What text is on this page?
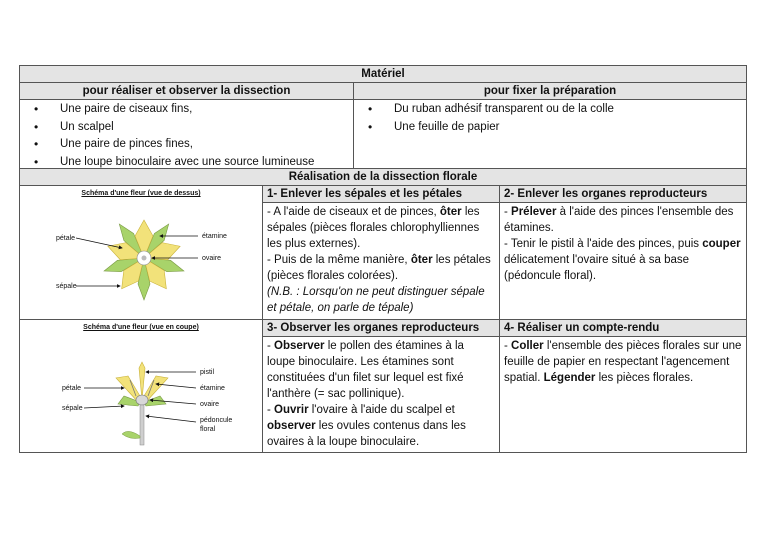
Matériel
pour réaliser et observer la dissection	pour fixer la préparation
• Une paire de ciseaux fins,
• Un scalpel
• Une paire de pinces fines,
• Une loupe binoculaire avec une source lumineuse
• Du ruban adhésif transparent ou de la colle
• Une feuille de papier
Réalisation de la dissection florale
Schéma d'une fleur (vue de dessus)
pétale
sépale
étamine
ovaire
1- Enlever les sépales et les pétales

- A l'aide de ciseaux et de pinces, ôter les sépales (pièces florales chlorophylliennes les plus externes).

- Puis de la même manière, ôter les pétales (pièces florales colorées).

(N.B. : Lorsqu'on ne peut distinguer sépale et pétale, on parle de tépale)

2- Enlever les organes reproducteurs

- Prélever à l'aide des pinces l'ensemble des étamines.

- Tenir le pistil à l'aide des pinces, puis couper délicatement l'ovaire situé à sa base (pédoncule floral).

Schéma d'une fleur (vue en coupe)
pétale
sépale
pistil
étamine
ovaire
pédoncule
floral
3- Observer les organes reproducteurs

- Observer le pollen des étamines à la loupe binoculaire. Les étamines sont constituées d'un filet sur lequel est fixé l'anthère (= sac pollinique).

- Ouvrir l'ovaire à l'aide du scalpel et observer les ovules contenus dans les ovaires à la loupe binoculaire.

4- Réaliser un compte-rendu

- Coller l'ensemble des pièces florales sur une feuille de papier en respectant l'agencement spatial. Légender les pièces florales.
